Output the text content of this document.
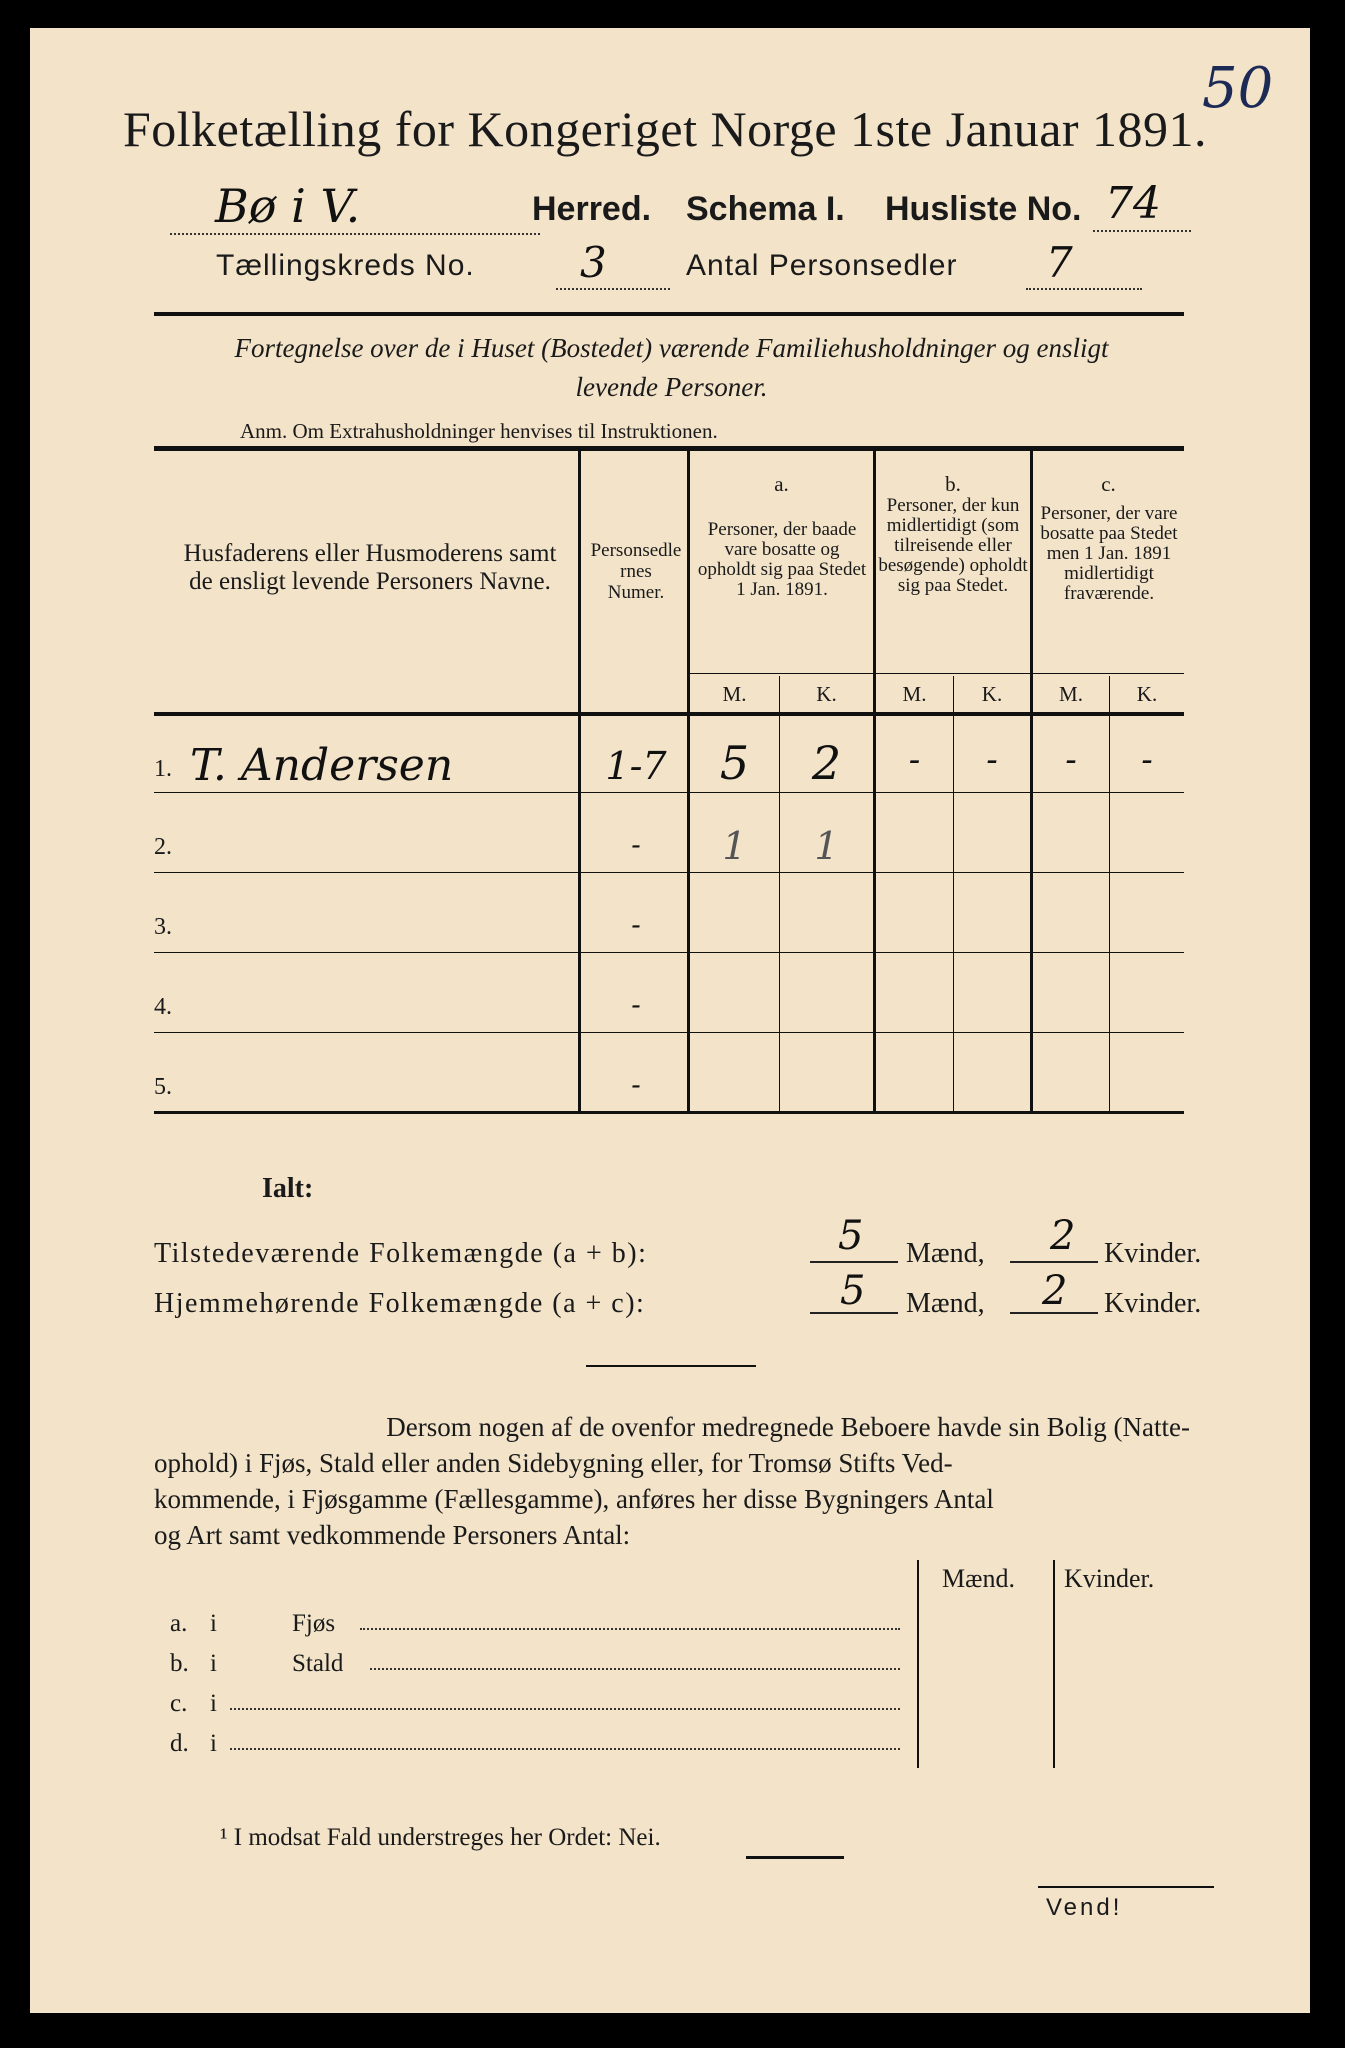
50
Folketælling for Kongeriget Norge 1ste Januar 1891.
Bø i V.	Herred. Schema I. Husliste No. 74
Tællingskreds No.	3	Antal Personsedler 7
Fortegnelse over de i Huset (Bostedet) værende Familiehusholdninger og ensligt
levende Personer.
Anm. Om Extrahusholdninger henvises til Instruktionen.
Husfaderens eller Husmoderens samt de ensligt levende Personers Navne.
Personsedlernes Numer.
a.
Personer, der baade vare bosatte og opholdt sig paa Stedet 1 Jan. 1891.
b.
Personer, der kun midlertidigt (som tilreisende eller besøgende) opholdt sig paa Stedet.
c.
Personer, der vare bosatte paa Stedet men 1 Jan. 1891 midlertidigt fraværende.
M.	K.	M.	K.	M.	K.
1. T. Andersen	1-7	5	2	-	-	-	-
2.	-	1	1
3.	-
4.	-
5.	-
Ialt:
Tilstedeværende Folkemængde (a + b):	5 Mænd, 2 Kvinder.
Hjemmehørende Folkemængde (a + c):	5 Mænd, 2 Kvinder.
Dersom nogen af de ovenfor medregnede Beboere havde sin Bolig (Natte-
ophold) i Fjøs, Stald eller anden Sidebygning eller, for Tromsø Stifts Ved-
kommende, i Fjøsgamme (Fællesgamme), anføres her disse Bygningers Antal
og Art samt vedkommende Personers Antal:
Mænd. Kvinder.
a. i	Fjøs
b. i	Stald
c. i
d. i
¹ I modsat Fald understreges her Ordet: Nei.
Vend!
